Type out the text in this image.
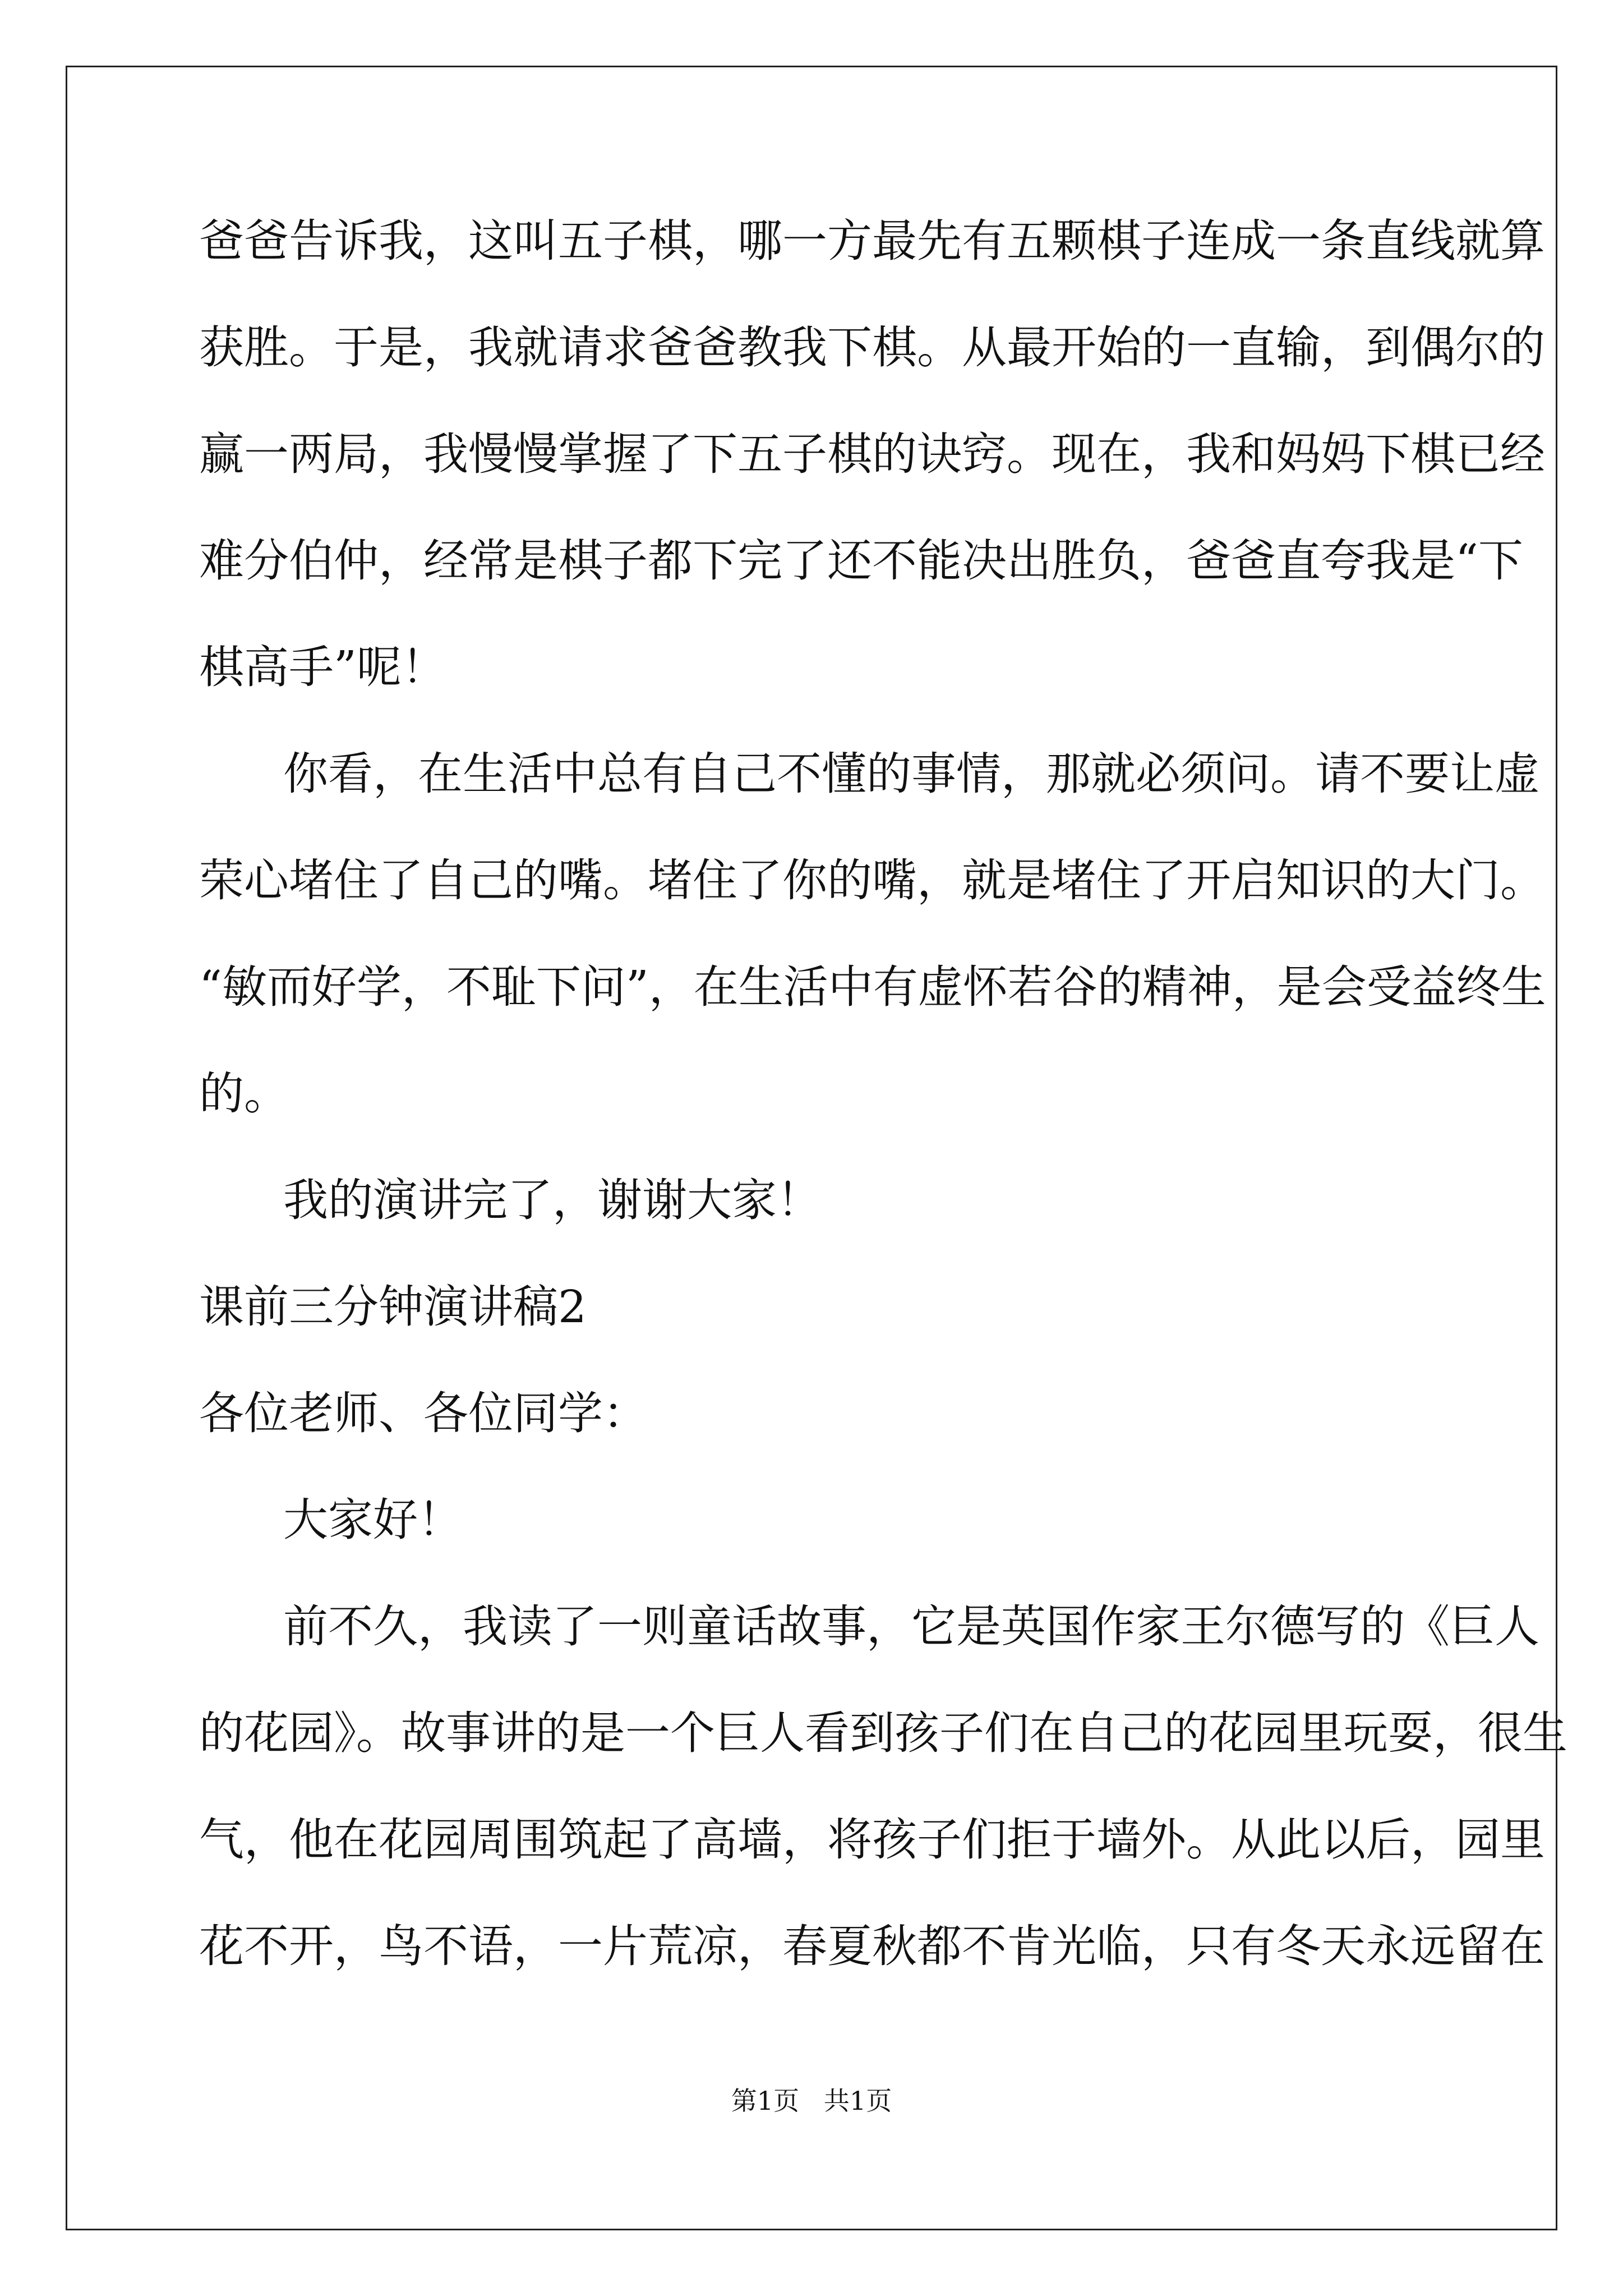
爸爸告诉我，这叫五子棋，哪一方最先有五颗棋子连成一条直线就算
获胜。于是，我就请求爸爸教我下棋。从最开始的一直输，到偶尔的
赢一两局，我慢慢掌握了下五子棋的诀窍。现在，我和妈妈下棋已经
难分伯仲，经常是棋子都下完了还不能决出胜负，爸爸直夸我是“下
棋高手”呢！
你看，在生活中总有自己不懂的事情，那就必须问。请不要让虚
荣心堵住了自己的嘴。堵住了你的嘴，就是堵住了开启知识的大门。
“敏而好学，不耻下问”，在生活中有虚怀若谷的精神，是会受益终生
的。
我的演讲完了，谢谢大家！
课前三分钟演讲稿2
各位老师、各位同学：
大家好！
前不久，我读了一则童话故事，它是英国作家王尔德写的《巨人
的花园》。故事讲的是一个巨人看到孩子们在自己的花园里玩耍，很生
气，他在花园周围筑起了高墙，将孩子们拒于墙外。从此以后，园里
花不开，鸟不语，一片荒凉，春夏秋都不肯光临，只有冬天永远留在
第1页   共1页
